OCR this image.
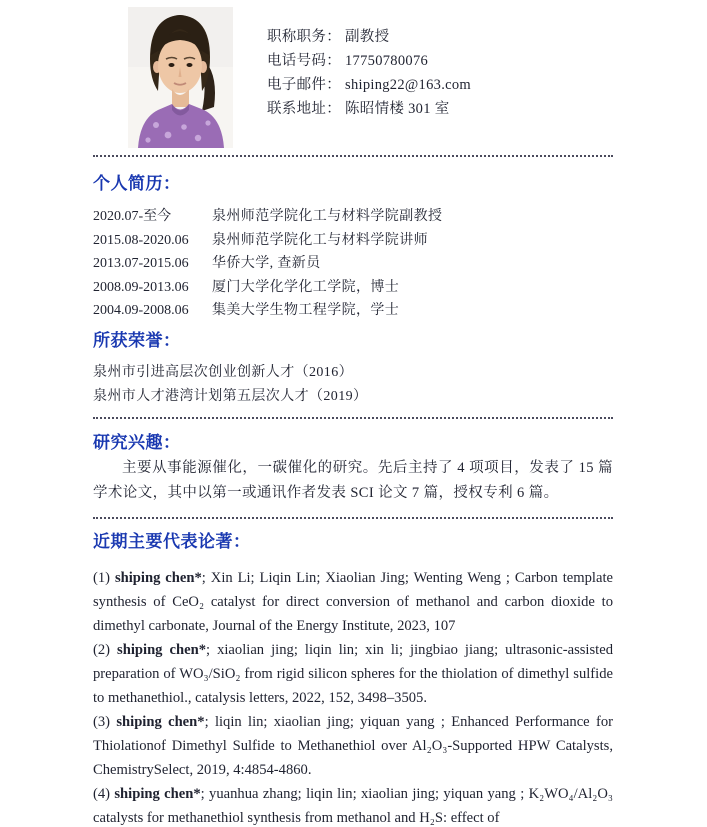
职称职务： 副教授
电话号码： 17750780076
电子邮件： shiping22@163.com
联系地址： 陈昭情楼 301 室
个人简历：
2020.07-至今	泉州师范学院化工与材料学院副教授
2015.08-2020.06	泉州师范学院化工与材料学院讲师
2013.07-2015.06	华侨大学, 查新员
2008.09-2013.06	厦门大学化学化工学院，博士
2004.09-2008.06	集美大学生物工程学院，学士
所获荣誉：
泉州市引进高层次创业创新人才（2016）
泉州市人才港湾计划第五层次人才（2019）
研究兴趣：

主要从事能源催化，一碳催化的研究。先后主持了 4 项项目，发表了 15 篇学术论文，其中以第一或通讯作者发表 SCI 论文 7 篇，授权专利 6 篇。

近期主要代表论著：

(1) shiping chen*; Xin Li; Liqin Lin; Xiaolian Jing; Wenting Weng ; Carbon template synthesis of CeO₂ catalyst for direct conversion of methanol and carbon dioxide to dimethyl carbonate, Journal of the Energy Institute, 2023, 107

(2) shiping chen*; xiaolian jing; liqin lin; xin li; jingbiao jiang; ultrasonic-assisted preparation of WO₃/SiO₂ from rigid silicon spheres for the thiolation of dimethyl sulfide to methanethiol., catalysis letters, 2022, 152, 3498–3505.

(3) shiping chen*; liqin lin; xiaolian jing; yiquan yang ; Enhanced Performance for Thiolationof Dimethyl Sulfide to Methanethiol over Al₂O₃-Supported HPW Catalysts, ChemistrySelect, 2019, 4:4854-4860.

(4) shiping chen*; yuanhua zhang; liqin lin; xiaolian jing; yiquan yang ; K₂WO₄/Al₂O₃ catalysts for methanethiol synthesis from methanol and H₂S: effect of
